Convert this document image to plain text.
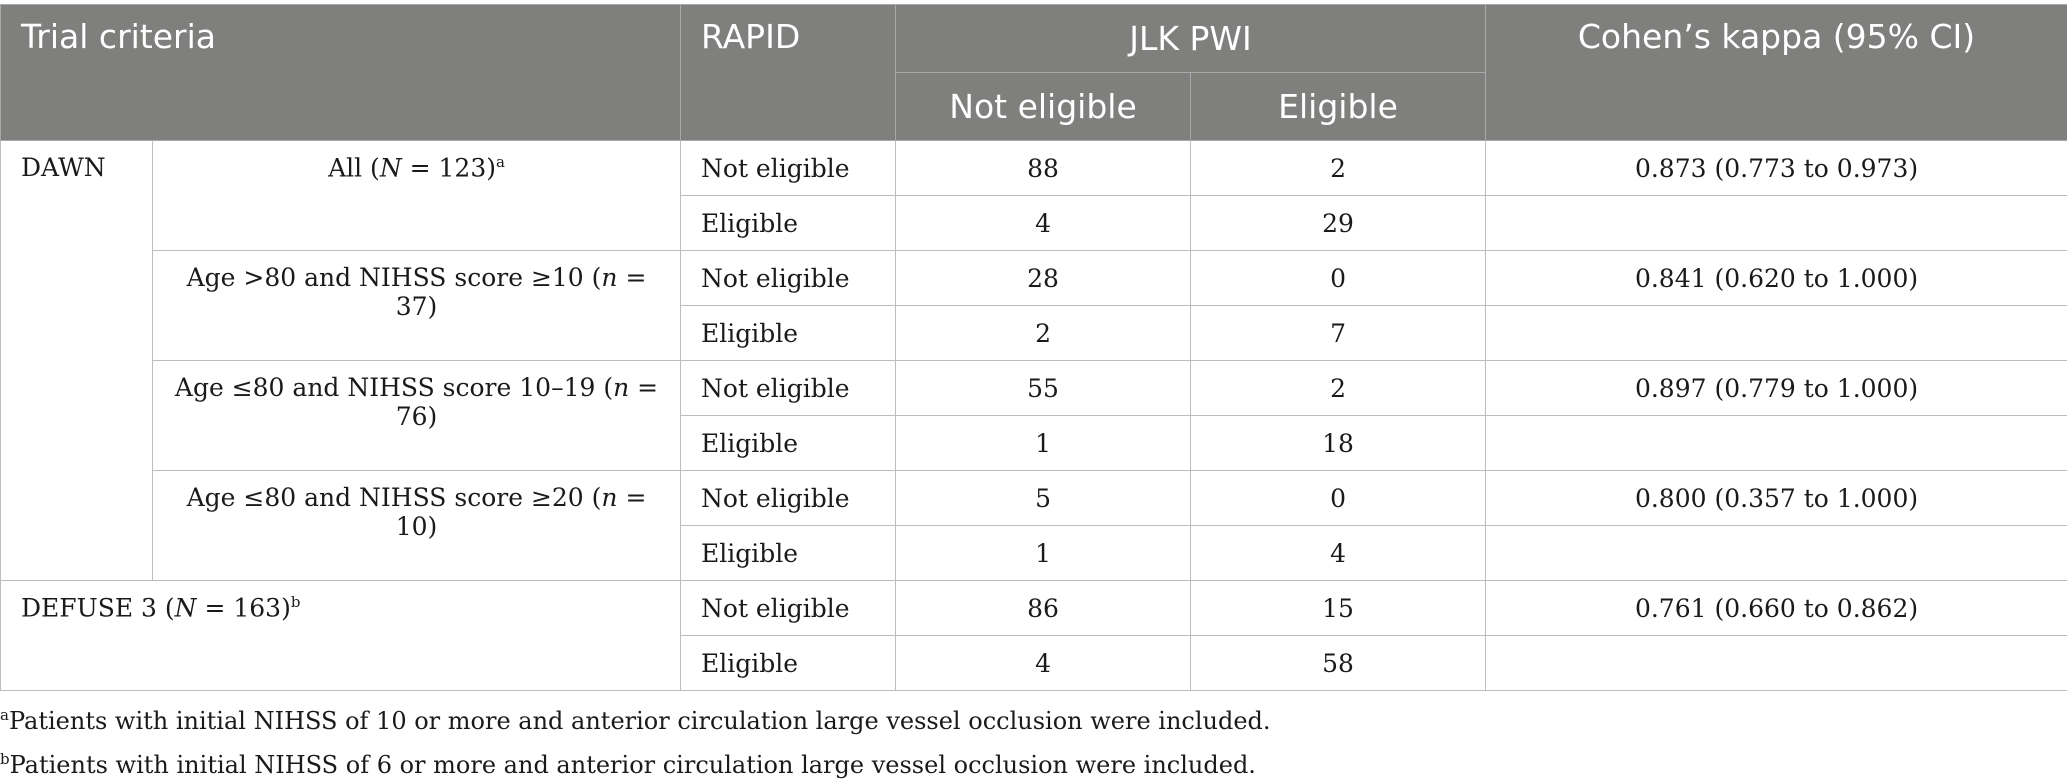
Trial criteria		RAPID	JLK PWI		Cohen’s kappa (95% CI)
			Not eligible	Eligible	
DAWN	All (N = 123)$^a$	Not eligible	88	2	0.873 (0.773 to 0.973)
		Eligible	4	29	
	Age >80 and NIHSS score ≥10 (n = 37)	Not eligible	28	0	0.841 (0.620 to 1.000)
		Eligible	2	7	
	Age ≤80 and NIHSS score 10–19 (n = 76)	Not eligible	55	2	0.897 (0.779 to 1.000)
		Eligible	1	18	
	Age ≤80 and NIHSS score ≥20 (n = 10)	Not eligible	5	0	0.800 (0.357 to 1.000)
		Eligible	1	4	
DEFUSE 3 (N = 163)$^b$		Not eligible	86	15	0.761 (0.660 to 0.862)
		Eligible	4	58	
$^a$Patients with initial NIHSS of 10 or more and anterior circulation large vessel occlusion were included.
$^b$Patients with initial NIHSS of 6 or more and anterior circulation large vessel occlusion were included.
